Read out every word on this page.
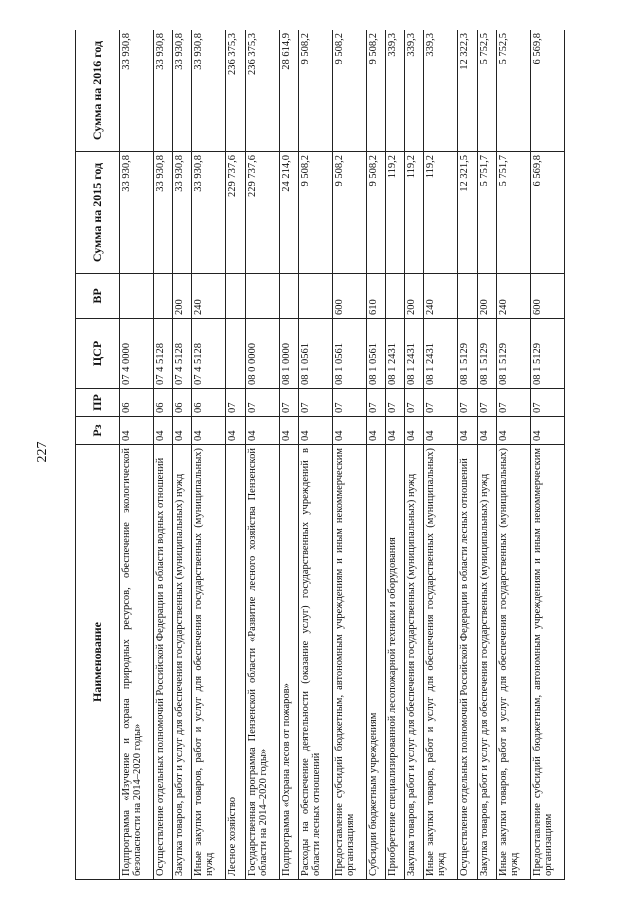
227
Наименование	Рз	ПР	ЦСР	ВР	Сумма на 2015 год	Сумма на 2016 год
Подпрограмма «Изучение и охрана природных ресурсов, обеспечение экологической безопасности на 2014–2020 годы»	04	06	07 4 0000		33 930,8	33 930,8
Осуществление отдельных полномочий Российской Федерации в области водных отношений	04	06	07 4 5128		33 930,8	33 930,8
Закупка товаров, работ и услуг для обеспечения государственных (муниципальных) нужд	04	06	07 4 5128	200	33 930,8	33 930,8
Иные закупки товаров, работ и услуг для обеспечения государственных (муниципальных) нужд	04	06	07 4 5128	240	33 930,8	33 930,8
Лесное хозяйство	04	07			229 737,6	236 375,3
Государственная программа Пензенской области «Развитие лесного хозяйства Пензенской области на 2014–2020 годы»	04	07	08 0 0000		229 737,6	236 375,3
Подпрограмма «Охрана лесов от пожаров»	04	07	08 1 0000		24 214,0	28 614,9
Расходы на обеспечение деятельности (оказание услуг) государственных учреждений в области лесных отношений	04	07	08 1 0561		9 508,2	9 508,2
Предоставление субсидий бюджетным, автономным учреждениям и иным некоммерческим организациям	04	07	08 1 0561	600	9 508,2	9 508,2
Субсидии бюджетным учреждениям	04	07	08 1 0561	610	9 508,2	9 508,2
Приобретение специализированной лесопожарной техники и оборудования	04	07	08 1 2431		119,2	339,3
Закупка товаров, работ и услуг для обеспечения государственных (муниципальных) нужд	04	07	08 1 2431	200	119,2	339,3
Иные закупки товаров, работ и услуг для обеспечения государственных (муниципальных) нужд	04	07	08 1 2431	240	119,2	339,3
Осуществление отдельных полномочий Российской Федерации в области лесных отношений	04	07	08 1 5129		12 321,5	12 322,3
Закупка товаров, работ и услуг для обеспечения государственных (муниципальных) нужд	04	07	08 1 5129	200	5 751,7	5 752,5
Иные закупки товаров, работ и услуг для обеспечения государственных (муниципальных) нужд	04	07	08 1 5129	240	5 751,7	5 752,5
Предоставление субсидий бюджетным, автономным учреждениям и иным некоммерческим организациям	04	07	08 1 5129	600	6 569,8	6 569,8
